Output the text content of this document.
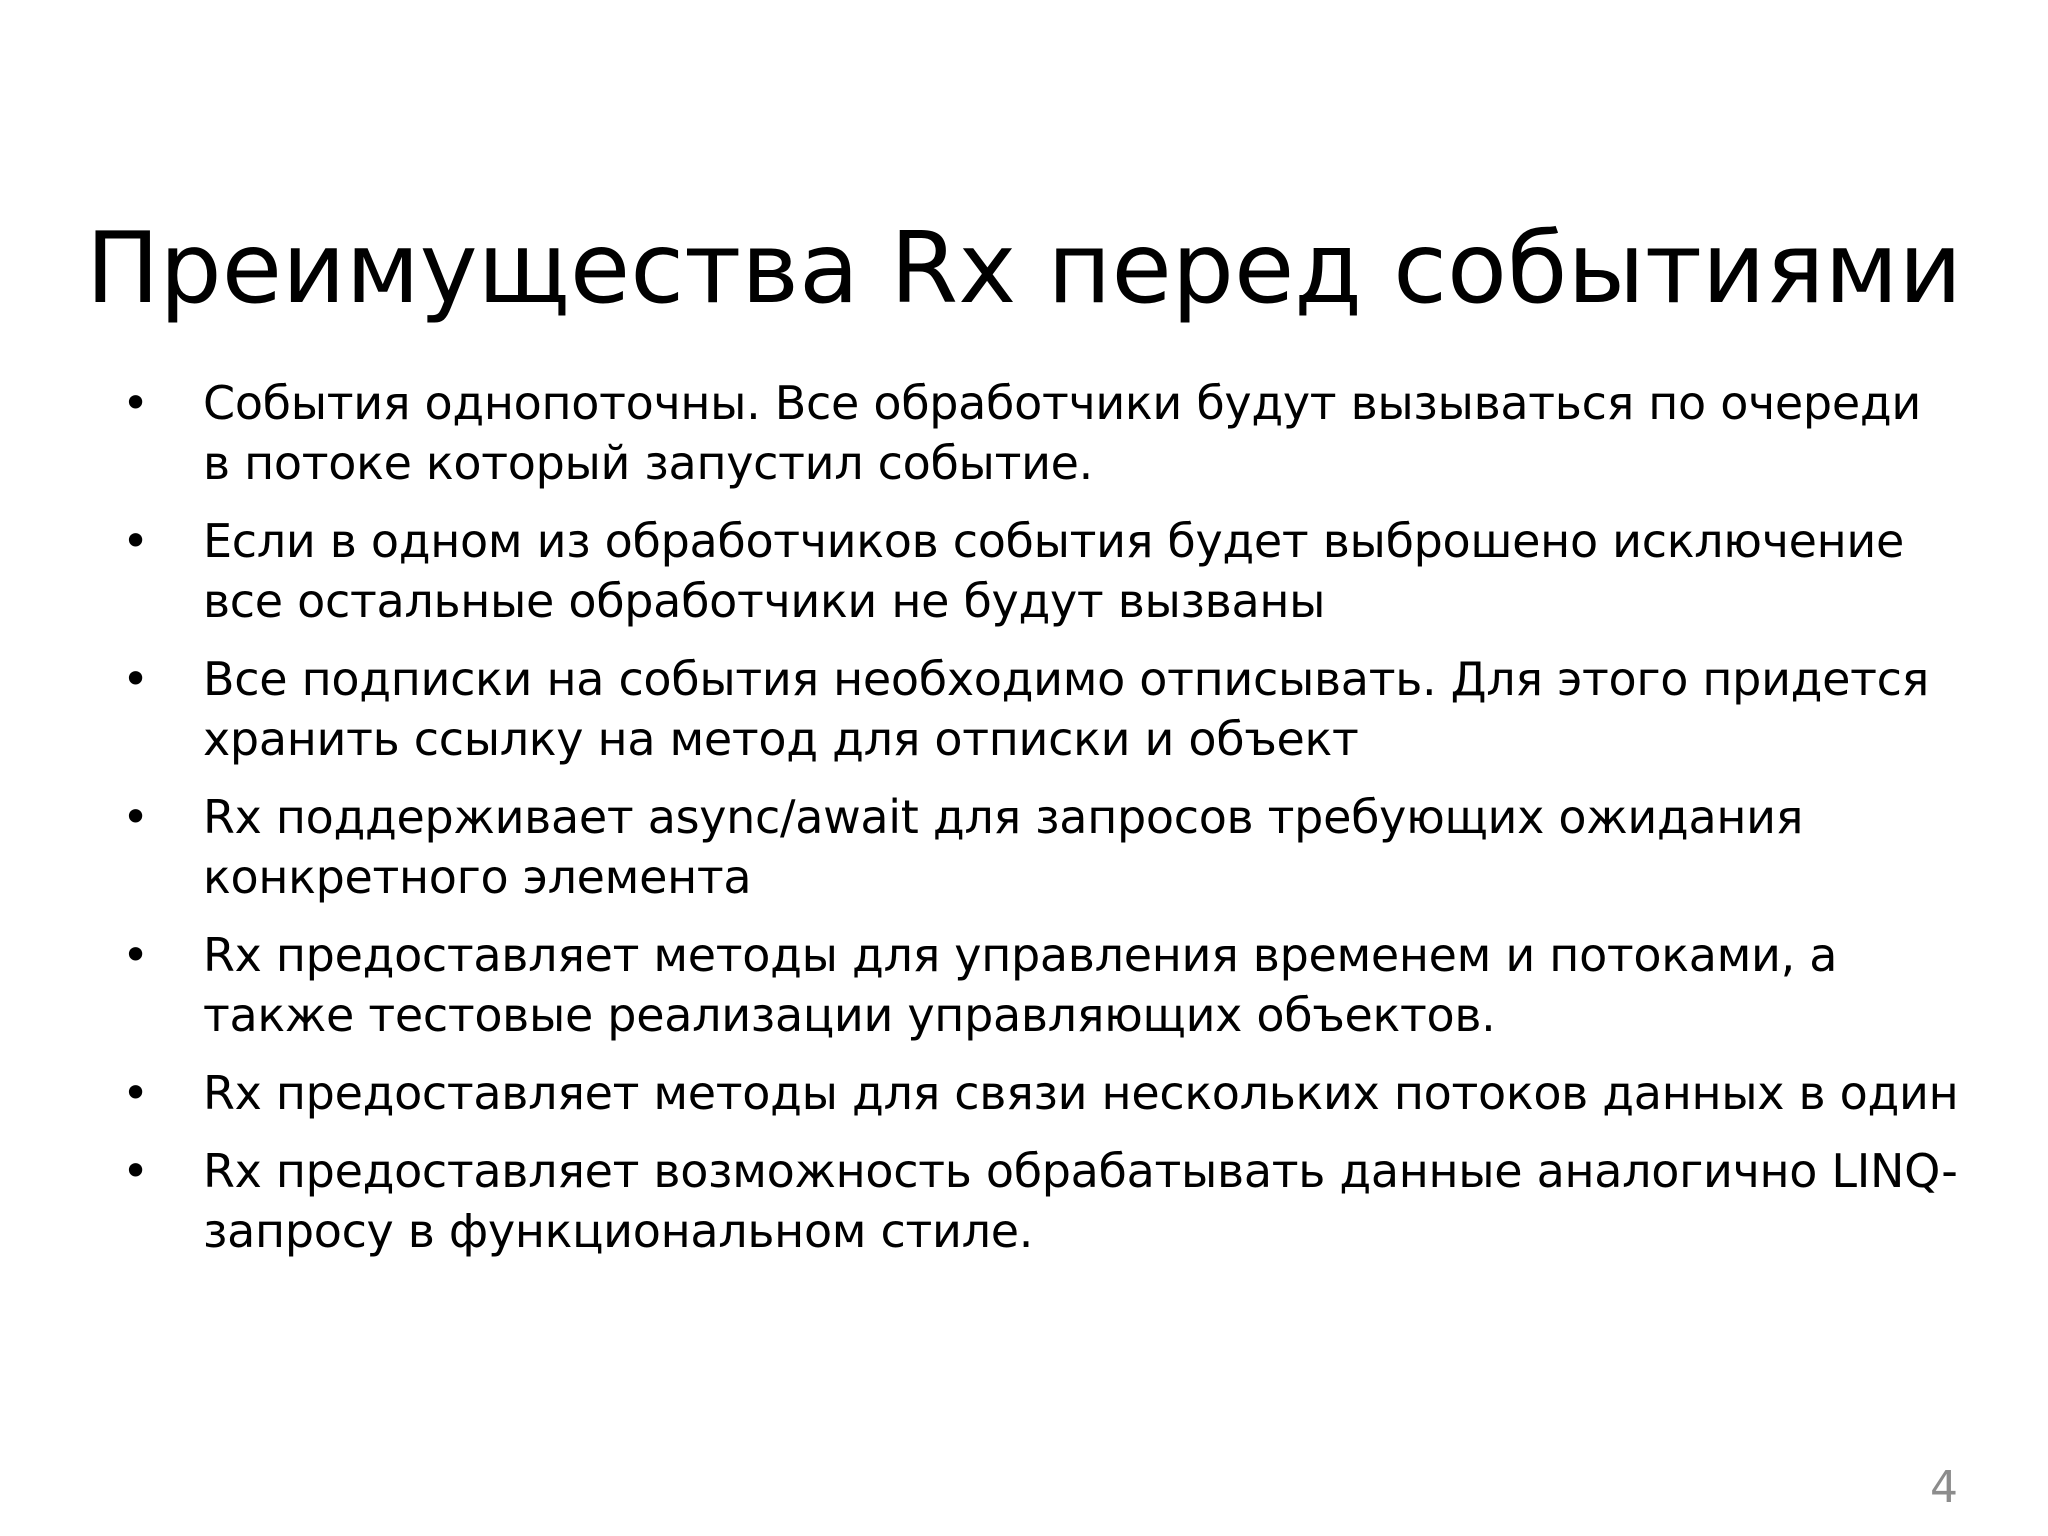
Преимущества Rx перед событиями
• События однопоточны. Все обработчики будут вызываться по очереди в потоке который запустил событие.
• Если в одном из обработчиков события будет выброшено исключение все остальные обработчики не будут вызваны
• Все подписки на события необходимо отписывать. Для этого придется хранить ссылку на метод для отписки и объект
• Rx поддерживает async/await для запросов требующих ожидания конкретного элемента
• Rx предоставляет методы для управления временем и потоками, а также тестовые реализации управляющих объектов.
• Rx предоставляет методы для связи нескольких потоков данных в один
• Rx предоставляет возможность обрабатывать данные аналогично LINQ-запросу в функциональном стиле.
4
